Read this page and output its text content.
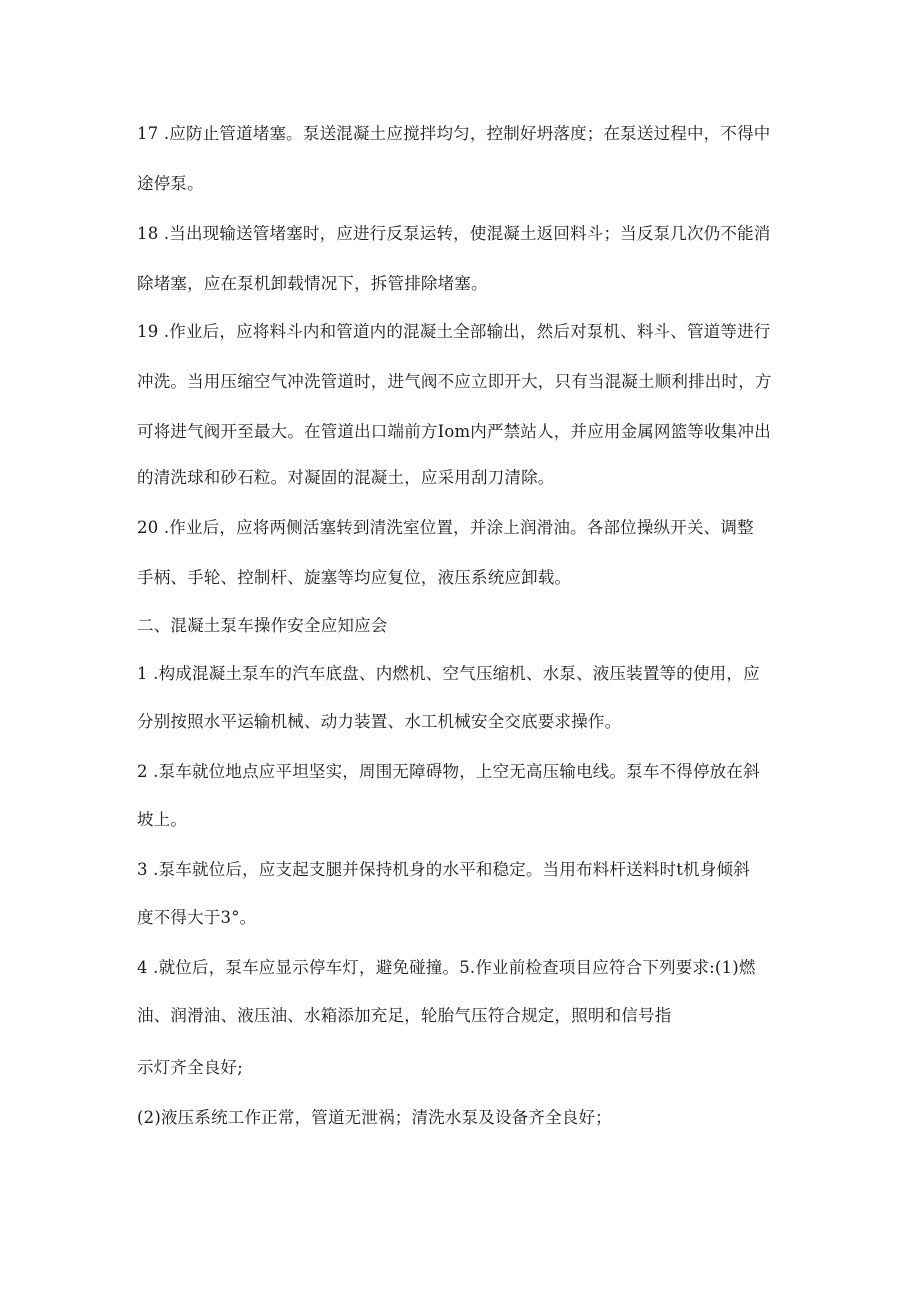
17 .应防止管道堵塞。泵送混凝土应搅拌均匀，控制好坍落度；在泵送过程中，不得中
途停泵。
18 .当出现输送管堵塞时，应进行反泵运转，使混凝土返回料斗；当反泵几次仍不能消
除堵塞，应在泵机卸载情况下，拆管排除堵塞。
19 .作业后，应将料斗内和管道内的混凝土全部输出，然后对泵机、料斗、管道等进行
冲洗。当用压缩空气冲洗管道时，进气阀不应立即开大，只有当混凝土顺利排出时，方
可将进气阀开至最大。在管道出口端前方Iom内严禁站人，并应用金属网篮等收集冲出
的清洗球和砂石粒。对凝固的混凝土，应采用刮刀清除。
20 .作业后，应将两侧活塞转到清洗室位置，并涂上润滑油。各部位操纵开关、调整
手柄、手轮、控制杆、旋塞等均应复位，液压系统应卸载。
二、混凝土泵车操作安全应知应会
1 .构成混凝土泵车的汽车底盘、内燃机、空气压缩机、水泵、液压装置等的使用，应
分别按照水平运输机械、动力装置、水工机械安全交底要求操作。
2 .泵车就位地点应平坦坚实，周围无障碍物，上空无高压输电线。泵车不得停放在斜
坡上。
3 .泵车就位后，应支起支腿并保持机身的水平和稳定。当用布料杆送料时t机身倾斜
度不得大于3°。
4 .就位后，泵车应显示停车灯，避免碰撞。5.作业前检查项目应符合下列要求:(1)燃
油、润滑油、液压油、水箱添加充足，轮胎气压符合规定，照明和信号指
示灯齐全良好;
(2)液压系统工作正常，管道无泄祸；清洗水泵及设备齐全良好；
